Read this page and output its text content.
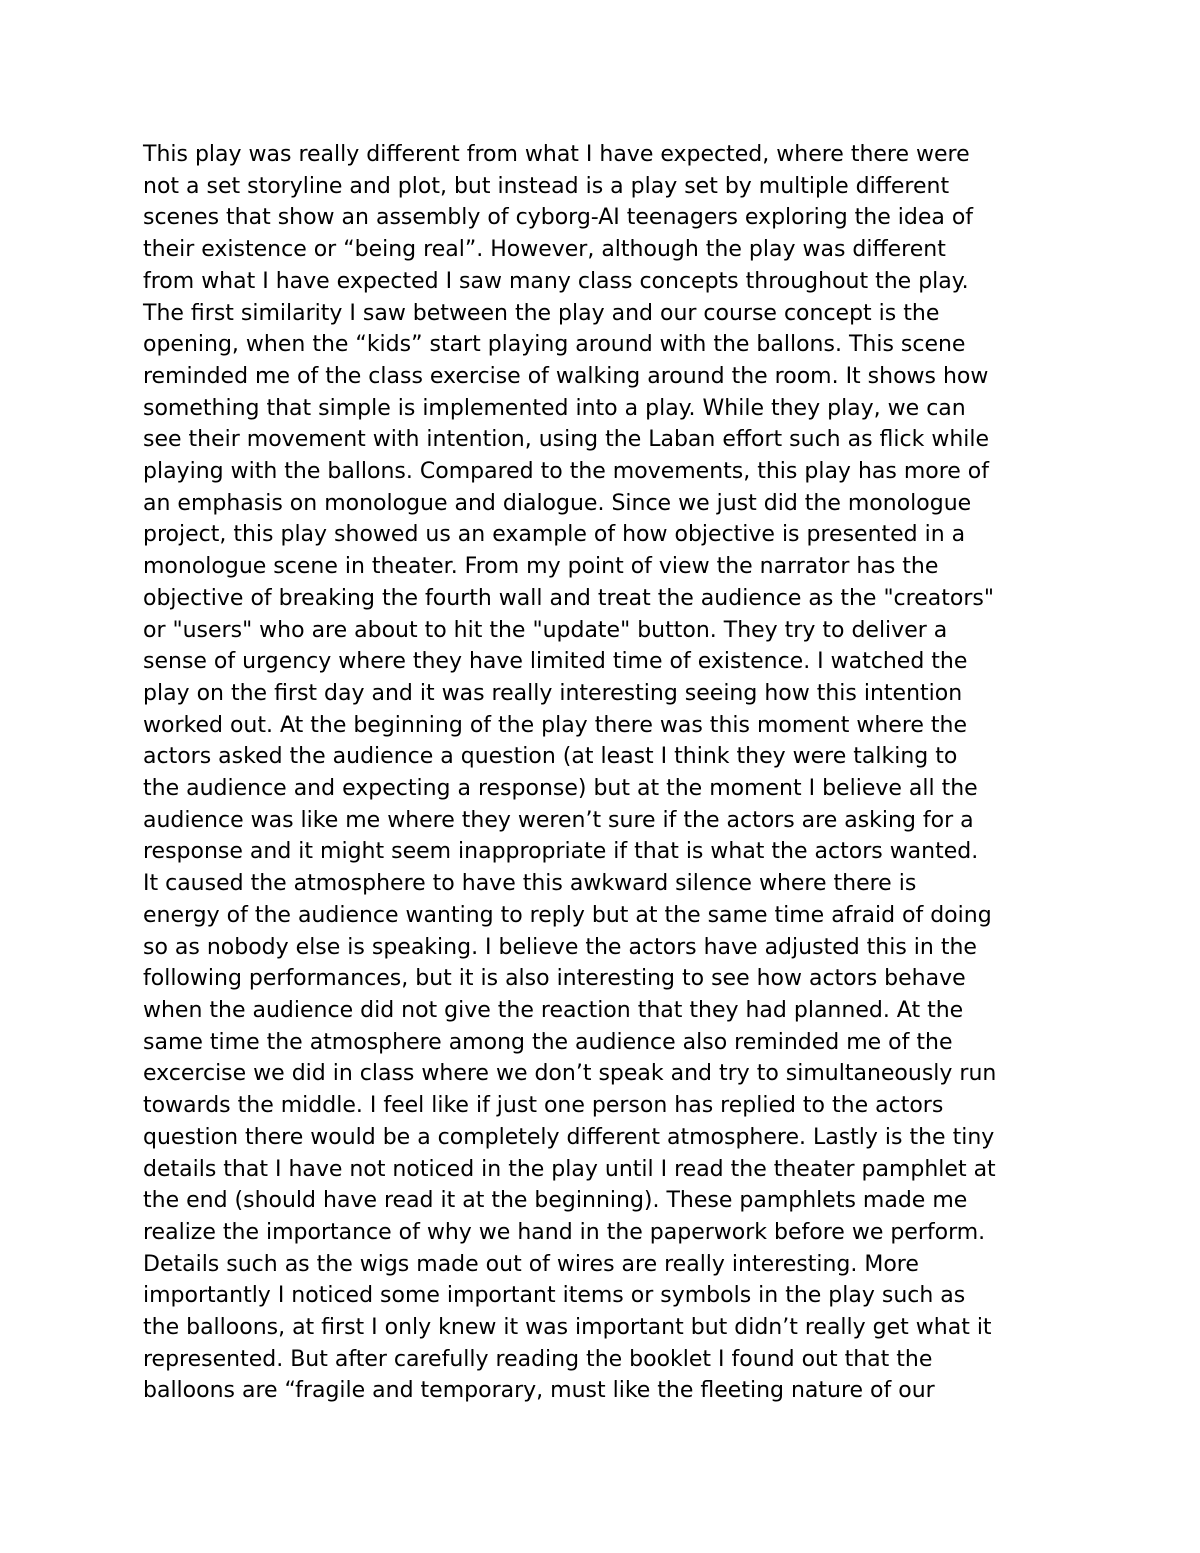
This play was really different from what I have expected, where there were
not a set storyline and plot, but instead is a play set by multiple different
scenes that show an assembly of cyborg-AI teenagers exploring the idea of
their existence or “being real”. However, although the play was different
from what I have expected I saw many class concepts throughout the play.
The first similarity I saw between the play and our course concept is the
opening, when the “kids” start playing around with the ballons. This scene
reminded me of the class exercise of walking around the room. It shows how
something that simple is implemented into a play. While they play, we can
see their movement with intention, using the Laban effort such as flick while
playing with the ballons. Compared to the movements, this play has more of
an emphasis on monologue and dialogue. Since we just did the monologue
project, this play showed us an example of how objective is presented in a
monologue scene in theater. From my point of view the narrator has the
objective of breaking the fourth wall and treat the audience as the "creators"
or "users" who are about to hit the "update" button. They try to deliver a
sense of urgency where they have limited time of existence. I watched the
play on the first day and it was really interesting seeing how this intention
worked out. At the beginning of the play there was this moment where the
actors asked the audience a question (at least I think they were talking to
the audience and expecting a response) but at the moment I believe all the
audience was like me where they weren’t sure if the actors are asking for a
response and it might seem inappropriate if that is what the actors wanted.
It caused the atmosphere to have this awkward silence where there is
energy of the audience wanting to reply but at the same time afraid of doing
so as nobody else is speaking. I believe the actors have adjusted this in the
following performances, but it is also interesting to see how actors behave
when the audience did not give the reaction that they had planned. At the
same time the atmosphere among the audience also reminded me of the
excercise we did in class where we don’t speak and try to simultaneously run
towards the middle. I feel like if just one person has replied to the actors
question there would be a completely different atmosphere. Lastly is the tiny
details that I have not noticed in the play until I read the theater pamphlet at
the end (should have read it at the beginning). These pamphlets made me
realize the importance of why we hand in the paperwork before we perform.
Details such as the wigs made out of wires are really interesting. More
importantly I noticed some important items or symbols in the play such as
the balloons, at first I only knew it was important but didn’t really get what it
represented. But after carefully reading the booklet I found out that the
balloons are “fragile and temporary, must like the fleeting nature of our
